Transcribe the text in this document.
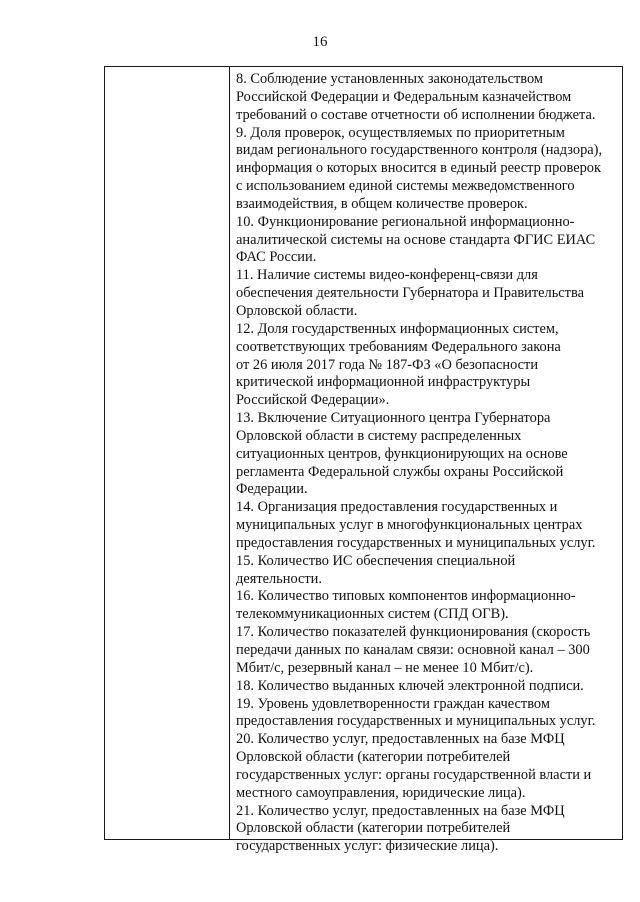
16
8. Соблюдение установленных законодательством
Российской Федерации и Федеральным казначейством
требований о составе отчетности об исполнении бюджета.
9. Доля проверок, осуществляемых по приоритетным
видам регионального государственного контроля (надзора),
информация о которых вносится в единый реестр проверок
с использованием единой системы межведомственного
взаимодействия, в общем количестве проверок.
10. Функционирование региональной информационно-
аналитической системы на основе стандарта ФГИС ЕИАС
ФАС России.
11. Наличие системы видео-конференц-связи для
обеспечения деятельности Губернатора и Правительства
Орловской области.
12. Доля государственных информационных систем,
соответствующих требованиям Федерального закона
от 26 июля 2017 года № 187-ФЗ «О безопасности
критической информационной инфраструктуры
Российской Федерации».
13. Включение Ситуационного центра Губернатора
Орловской области в систему распределенных
ситуационных центров, функционирующих на основе
регламента Федеральной службы охраны Российской
Федерации.
14. Организация предоставления государственных и
муниципальных услуг в многофункциональных центрах
предоставления государственных и муниципальных услуг.
15. Количество ИС обеспечения специальной
деятельности.
16. Количество типовых компонентов информационно-
телекоммуникационных систем (СПД ОГВ).
17. Количество показателей функционирования (скорость
передачи данных по каналам связи: основной канал – 300
Мбит/с, резервный канал – не менее 10 Мбит/с).
18. Количество выданных ключей электронной подписи.
19. Уровень удовлетворенности граждан качеством
предоставления государственных и муниципальных услуг.
20. Количество услуг, предоставленных на базе МФЦ
Орловской области (категории потребителей
государственных услуг: органы государственной власти и
местного самоуправления, юридические лица).
21. Количество услуг, предоставленных на базе МФЦ
Орловской области (категории потребителей
государственных услуг: физические лица).
